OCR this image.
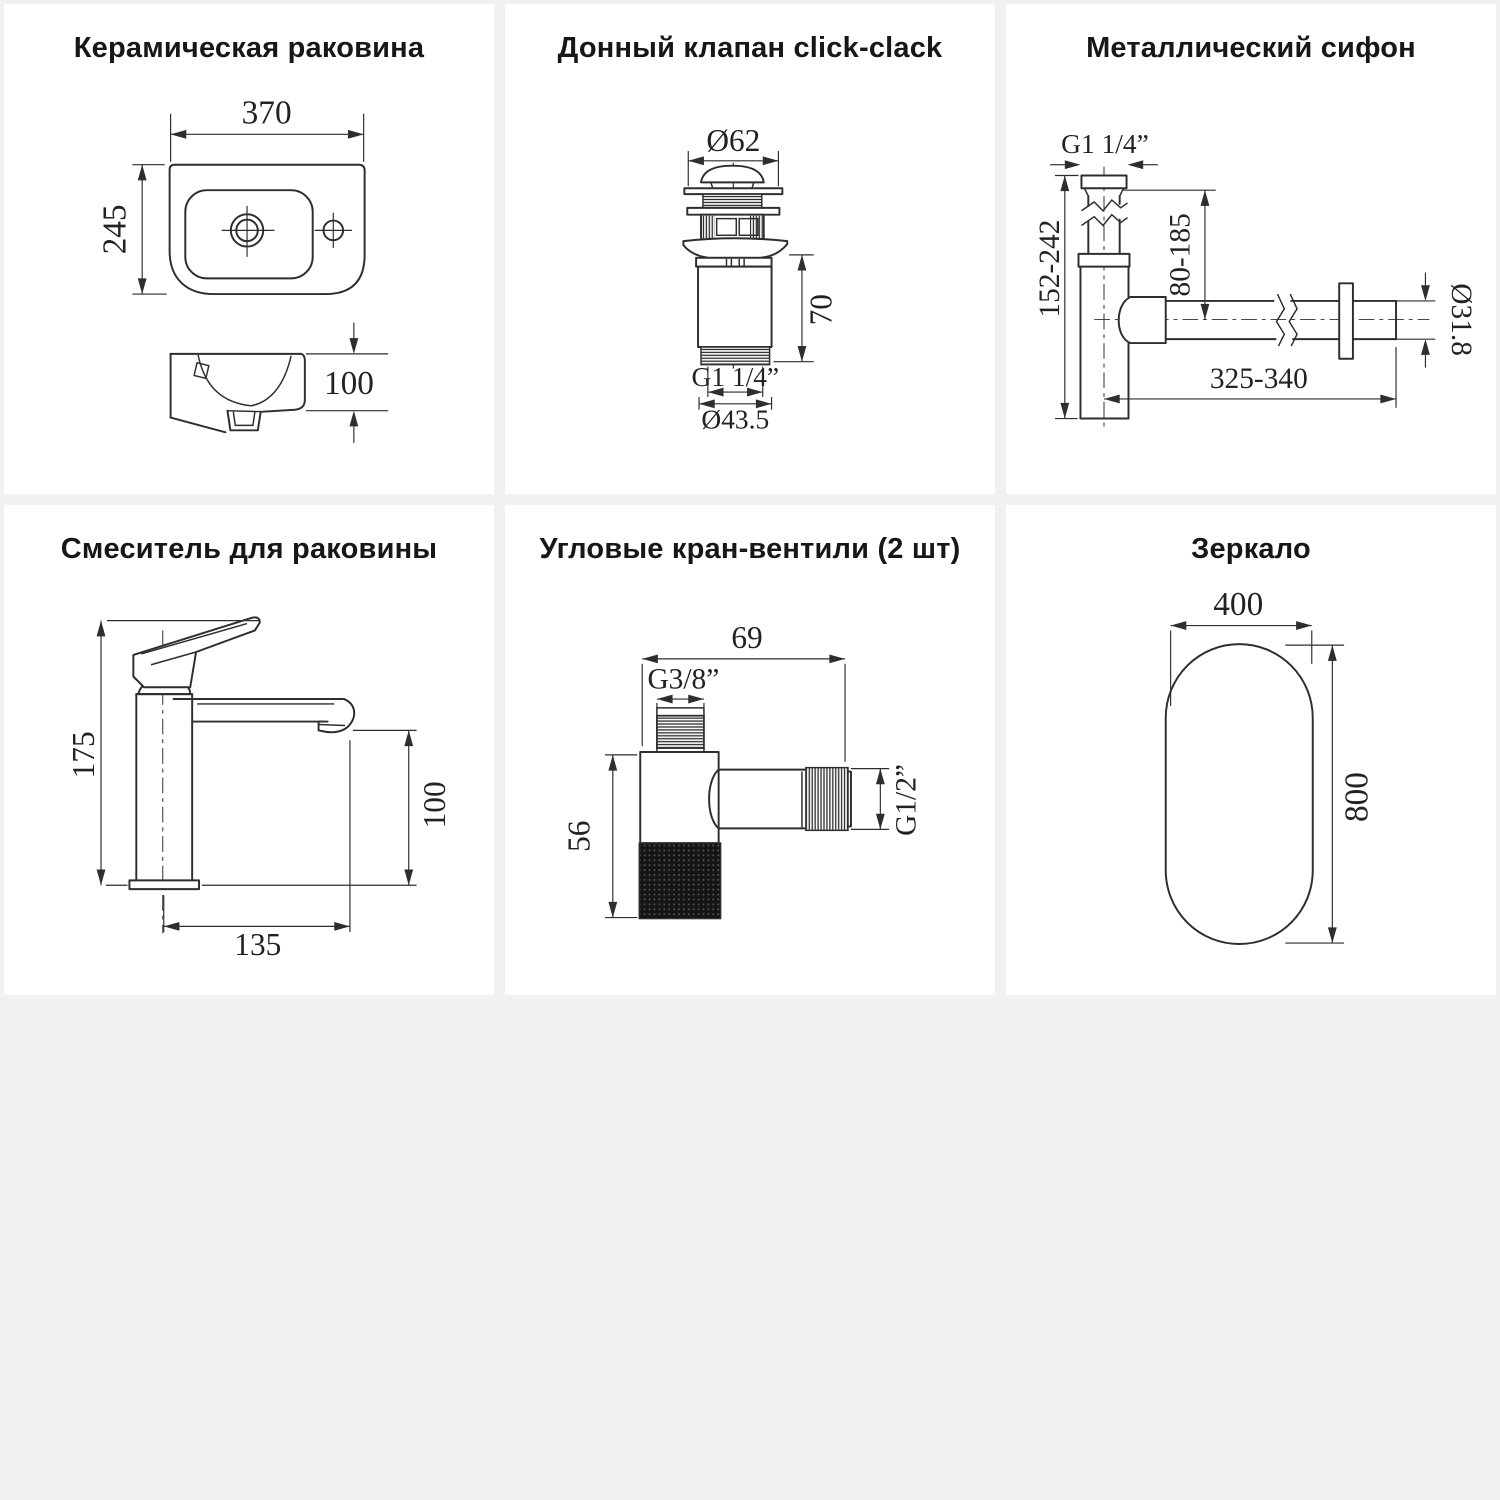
Керамическая раковина
370
245
100
Донный клапан click-clack
Ø62
70
G1 1/4”
Ø43.5
Металлический сифон
G1 1/4”
152-242	80-185
Ø31.8
325-340
Смеситель для раковины
175
100
135
Угловые кран-вентили (2 шт)
69
G3/8”
56
G1/2”
Зеркало
400
800
